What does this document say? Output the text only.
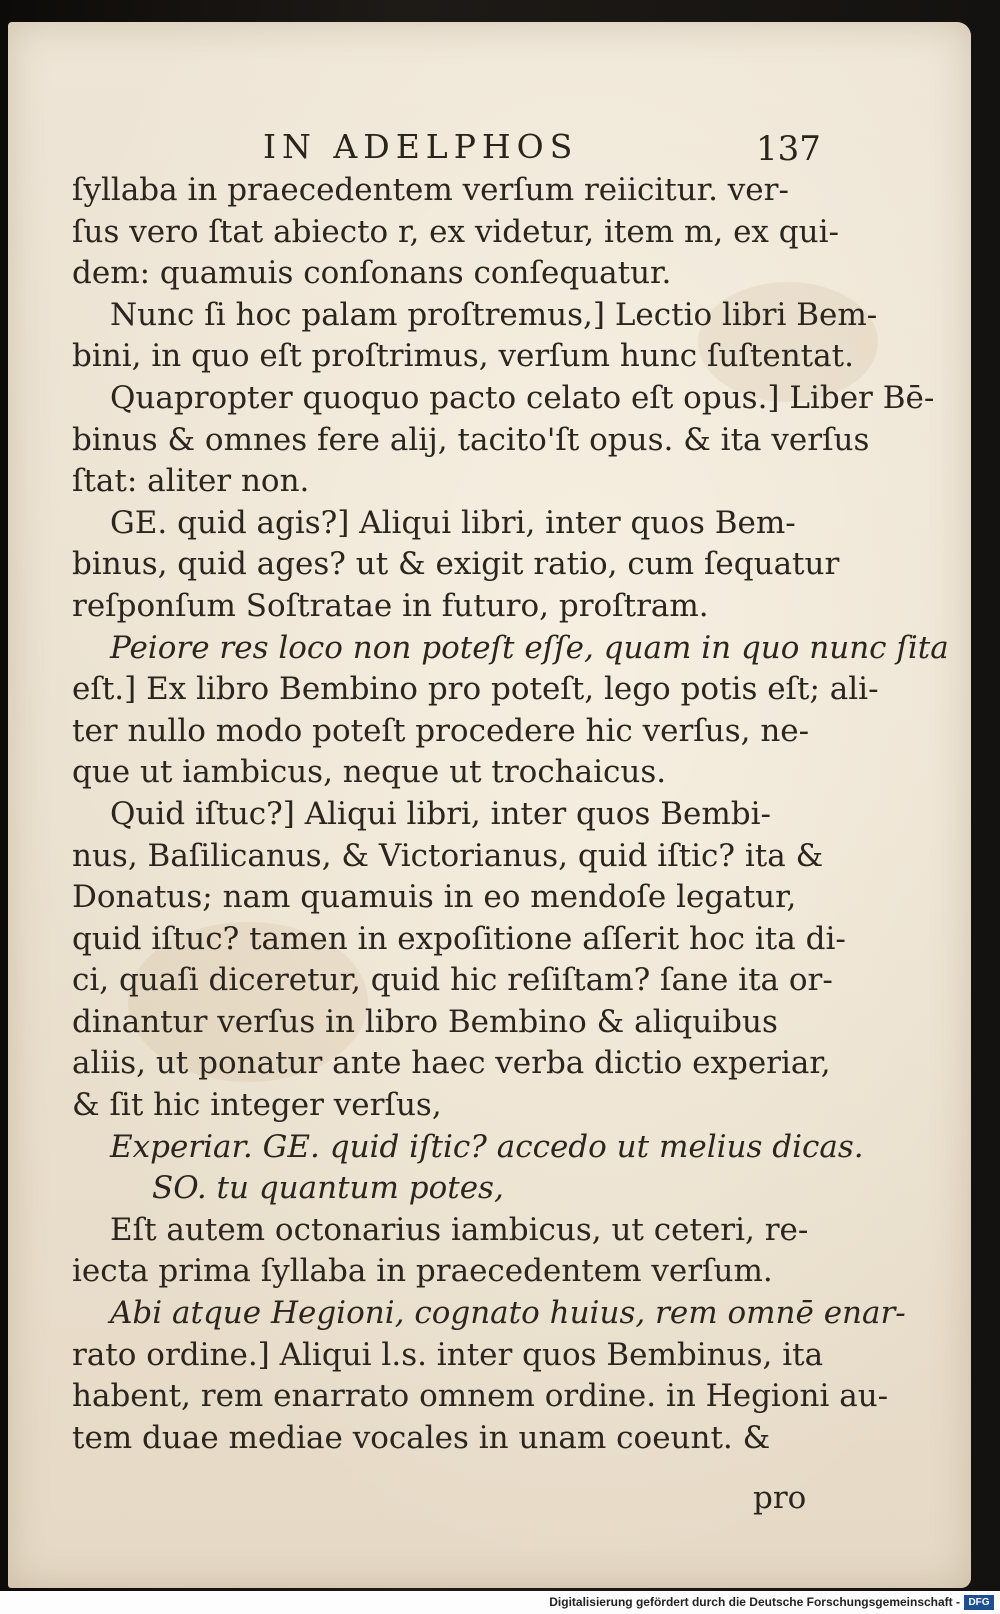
IN ADELPHOS	137
ſyllaba in praecedentem verſum reiicitur. ver-
ſus vero ſtat abiecto r, ex videtur, item m, ex qui-
dem: quamuis conſonans conſequatur.
Nunc ſi hoc palam proſtremus,] Lectio libri Bem-
bini, in quo eſt proſtrimus, verſum hunc ſuſtentat.
Quapropter quoquo pacto celato eſt opus.] Liber Bē-
binus & omnes fere alij, tacito'ſt opus. & ita verſus
ſtat: aliter non.
GE. quid agis?] Aliqui libri, inter quos Bem-
binus, quid ages? ut & exigit ratio, cum ſequatur
reſponſum Soſtratae in futuro, proſtram.
Peiore res loco non poteſt eſſe, quam in quo nunc ſita
eſt.] Ex libro Bembino pro poteſt, lego potis eſt; ali-
ter nullo modo poteſt procedere hic verſus, ne-
que ut iambicus, neque ut trochaicus.
Quid iſtuc?] Aliqui libri, inter quos Bembi-
nus, Baſilicanus, & Victorianus, quid iſtic? ita &
Donatus; nam quamuis in eo mendoſe legatur,
quid iſtuc? tamen in expoſitione aſſerit hoc ita di-
ci, quaſi diceretur, quid hic reſiſtam? ſane ita or-
dinantur verſus in libro Bembino & aliquibus
aliis, ut ponatur ante haec verba dictio experiar,
& ſit hic integer verſus,
Experiar. GE. quid iſtic? accedo ut melius dicas.
SO. tu quantum potes,
Eſt autem octonarius iambicus, ut ceteri, re-
iecta prima ſyllaba in praecedentem verſum.
Abi atque Hegioni, cognato huius, rem omnē enar-
rato ordine.] Aliqui l.s. inter quos Bembinus, ita
habent, rem enarrato omnem ordine. in Hegioni au-
tem duae mediae vocales in unam coeunt. &
pro
Digitalisierung gefördert durch die Deutsche Forschungsgemeinschaft - DFG
